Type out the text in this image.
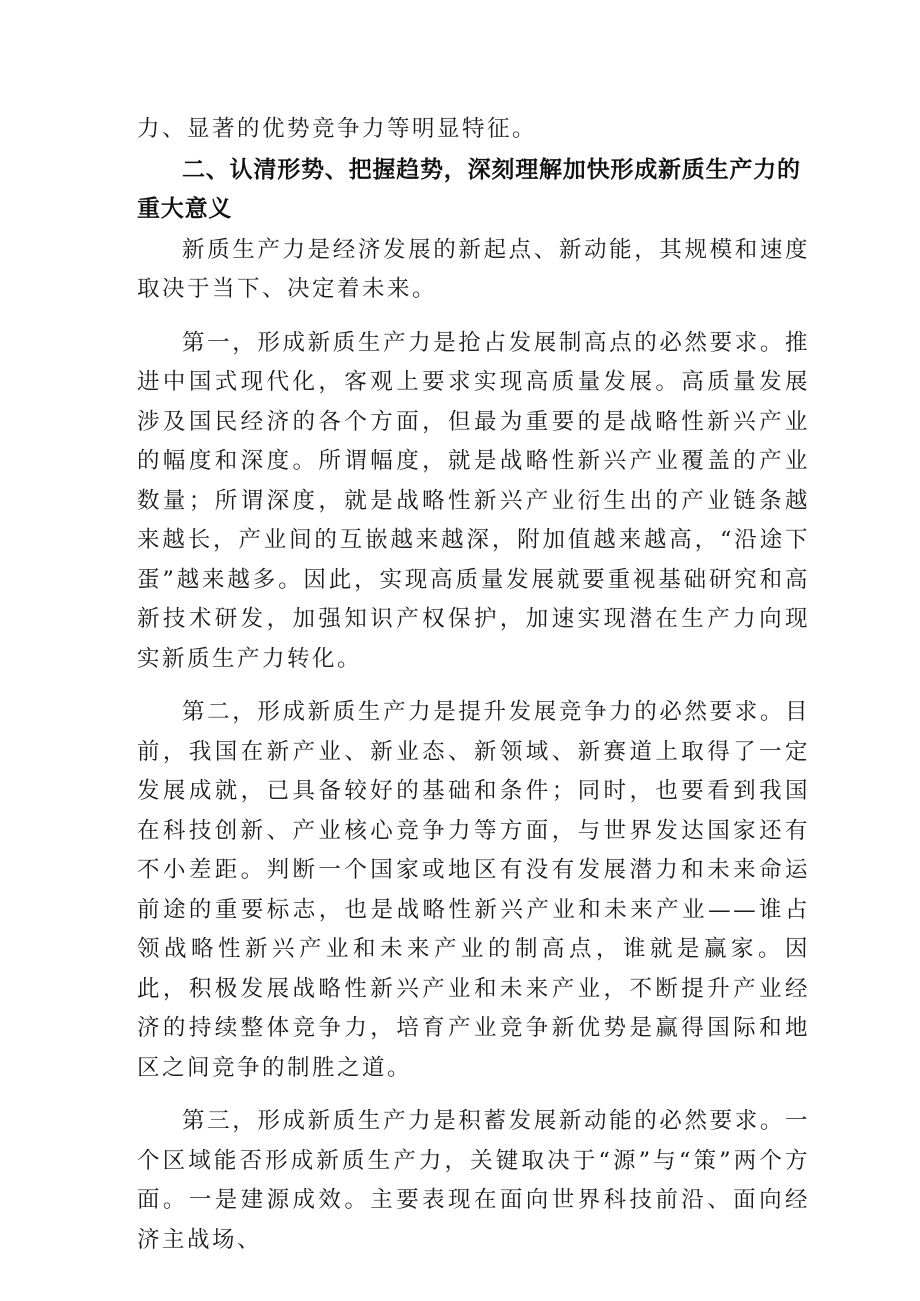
力、显著的优势竞争力等明显特征。

二、认清形势、把握趋势，深刻理解加快形成新质生产力的重大意义

新质生产力是经济发展的新起点、新动能，其规模和速度取决于当下、决定着未来。

第一，形成新质生产力是抢占发展制高点的必然要求。推进中国式现代化，客观上要求实现高质量发展。高质量发展涉及国民经济的各个方面，但最为重要的是战略性新兴产业的幅度和深度。所谓幅度，就是战略性新兴产业覆盖的产业数量；所谓深度，就是战略性新兴产业衍生出的产业链条越来越长，产业间的互嵌越来越深，附加值越来越高，“沿途下蛋”越来越多。因此，实现高质量发展就要重视基础研究和高新技术研发，加强知识产权保护，加速实现潜在生产力向现实新质生产力转化。

第二，形成新质生产力是提升发展竞争力的必然要求。目前，我国在新产业、新业态、新领域、新赛道上取得了一定发展成就，已具备较好的基础和条件；同时，也要看到我国在科技创新、产业核心竞争力等方面，与世界发达国家还有不小差距。判断一个国家或地区有没有发展潜力和未来命运前途的重要标志，也是战略性新兴产业和未来产业——谁占领战略性新兴产业和未来产业的制高点，谁就是赢家。因此，积极发展战略性新兴产业和未来产业，不断提升产业经济的持续整体竞争力，培育产业竞争新优势是赢得国际和地区之间竞争的制胜之道。

第三，形成新质生产力是积蓄发展新动能的必然要求。一个区域能否形成新质生产力，关键取决于“源”与“策”两个方面。一是建源成效。主要表现在面向世界科技前沿、面向经济主战场、
